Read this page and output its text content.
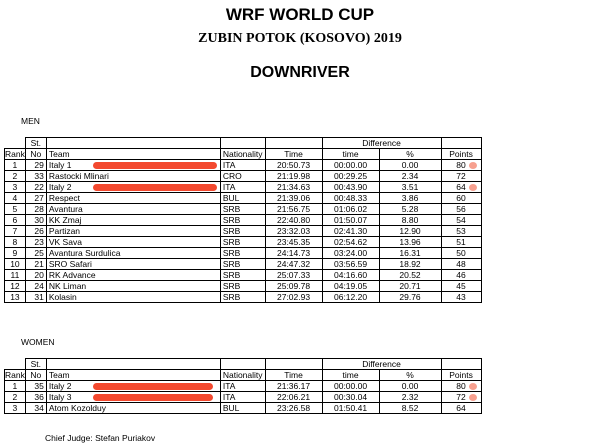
WRF WORLD CUP
ZUBIN POTOK (KOSOVO) 2019
DOWNRIVER
MEN
	St.				Difference		
Rank	No	Team	Nationality	Time	time	%	Points
1	29	Italy 1	ITA	20:50.73	00:00.00	0.00	80

2	33	Rastocki Mlinari	CRO	21:19.98	00:29.25	2.34	72
3	22	Italy 2	ITA	21:34.63	00:43.90	3.51	64

4	27	Respect	BUL	21:39.06	00:48.33	3.86	60
5	28	Avantura	SRB	21:56.75	01:06.02	5.28	56
6	30	KK Zmaj	SRB	22:40.80	01:50.07	8.80	54
7	26	Partizan	SRB	23:32.03	02:41.30	12.90	53
8	23	VK Sava	SRB	23:45.35	02:54.62	13.96	51
9	25	Avantura Surdulica	SRB	24:14.73	03:24.00	16.31	50
10	21	SRO Safari	SRB	24:47.32	03:56.59	18.92	48
11	20	RK Advance	SRB	25:07.33	04:16.60	20.52	46
12	24	NK Liman	SRB	25:09.78	04:19.05	20.71	45
13	31	Kolasin	SRB	27:02.93	06:12.20	29.76	43
WOMEN
	St.				Difference		
Rank	No	Team	Nationality	Time	time	%	Points
1	35	Italy 2	ITA	21:36.17	00:00.00	0.00	80

2	36	Italy 3	ITA	22:06.21	00:30.04	2.32	72

3	34	Atom Kozolduy	BUL	23:26.58	01:50.41	8.52	64
Chief Judge: Stefan Puriakov
